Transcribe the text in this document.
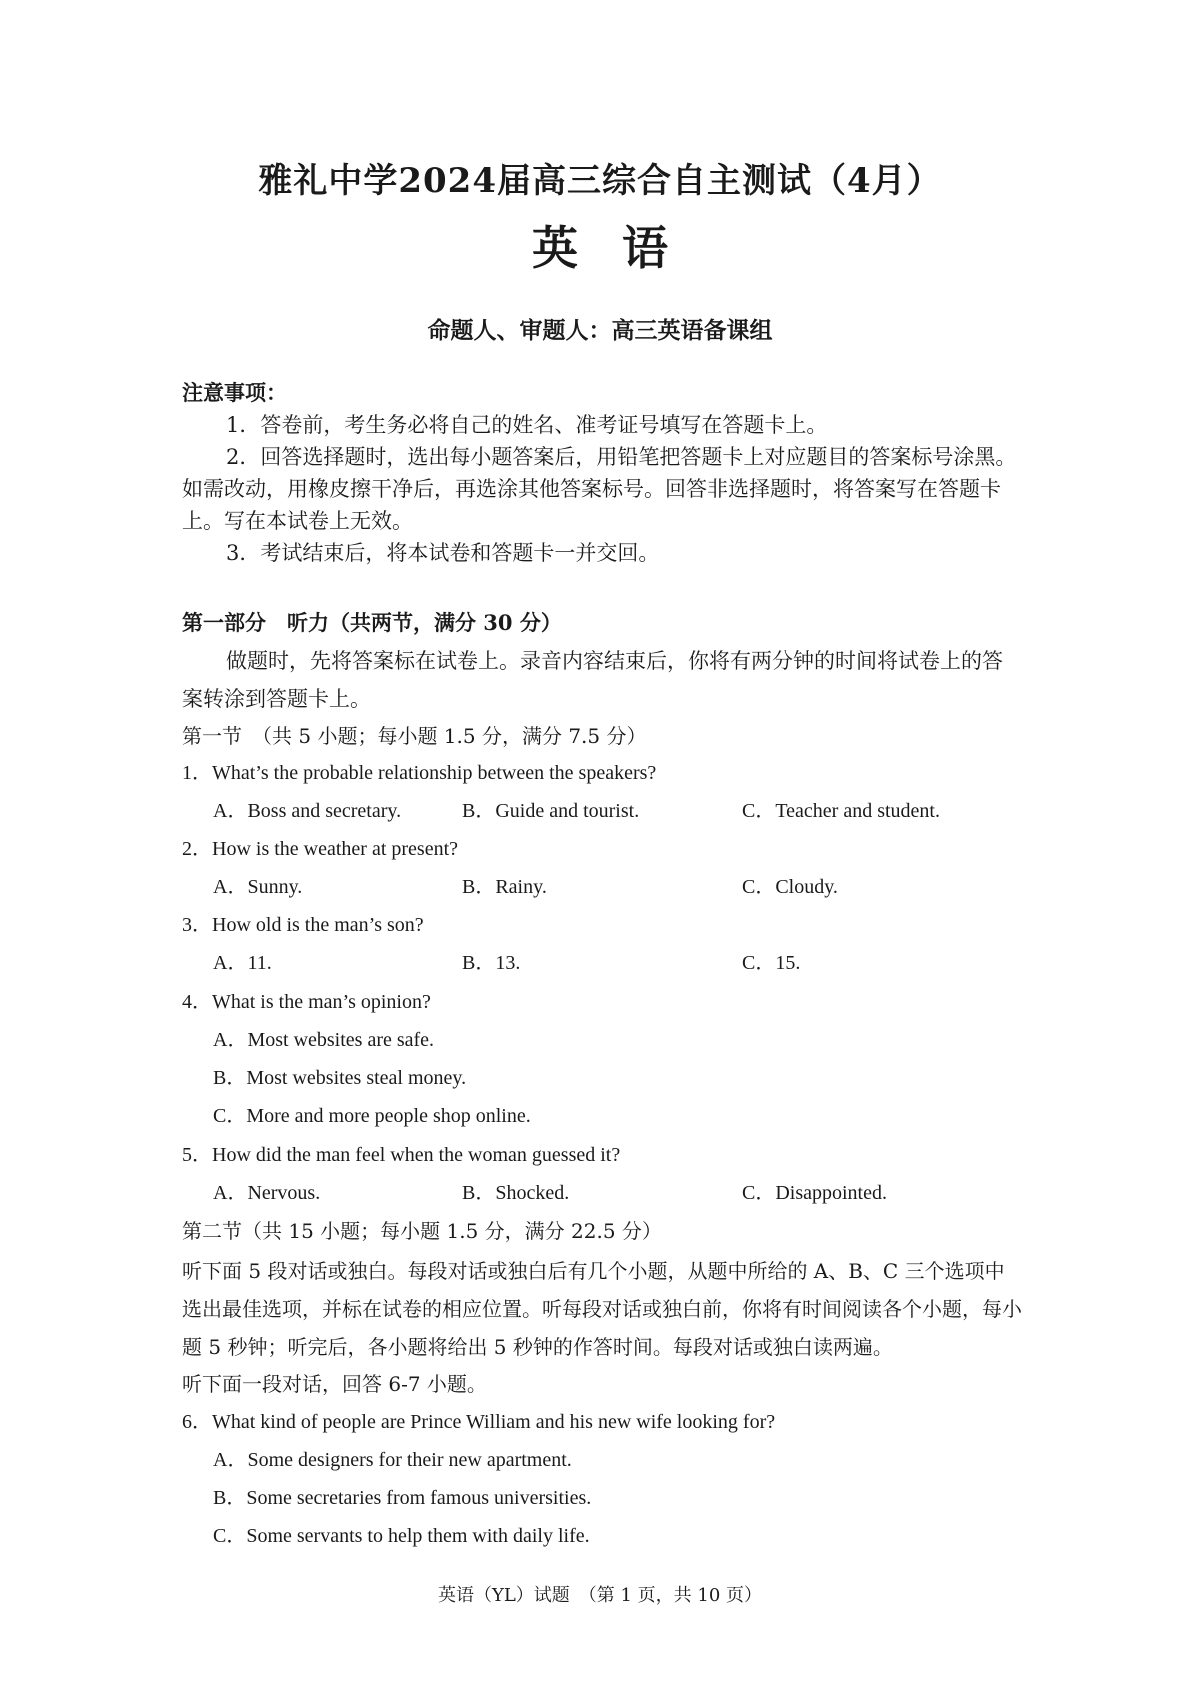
雅礼中学2024届高三综合自主测试（4月）
英语
命题人、审题人：高三英语备课组
注意事项：
1．答卷前，考生务必将自己的姓名、准考证号填写在答题卡上。
2．回答选择题时，选出每小题答案后，用铅笔把答题卡上对应题目的答案标号涂黑。如需改动，用橡皮擦干净后，再选涂其他答案标号。回答非选择题时，将答案写在答题卡上。写在本试卷上无效。
3．考试结束后，将本试卷和答题卡一并交回。
第一部分　听力（共两节，满分 30 分）
做题时，先将答案标在试卷上。录音内容结束后，你将有两分钟的时间将试卷上的答案转涂到答题卡上。
第一节　（共 5 小题；每小题 1.5 分，满分 7.5 分）
1．What’s the probable relationship between the speakers?
A．Boss and secretary.	B．Guide and tourist.	C．Teacher and student.
2．How is the weather at present?
A．Sunny.	B．Rainy.	C．Cloudy.
3．How old is the man’s son?
A．11.	B．13.	C．15.
4．What is the man’s opinion?
A．Most websites are safe.
B．Most websites steal money.
C．More and more people shop online.
5．How did the man feel when the woman guessed it?
A．Nervous.	B．Shocked.	C．Disappointed.
第二节（共 15 小题；每小题 1.5 分，满分 22.5 分）
听下面 5 段对话或独白。每段对话或独白后有几个小题，从题中所给的 A、B、C 三个选项中选出最佳选项，并标在试卷的相应位置。听每段对话或独白前，你将有时间阅读各个小题，每小题 5 秒钟；听完后，各小题将给出 5 秒钟的作答时间。每段对话或独白读两遍。
听下面一段对话，回答 6-7 小题。
6．What kind of people are Prince William and his new wife looking for?
A．Some designers for their new apartment.
B．Some secretaries from famous universities.
C．Some servants to help them with daily life.
英语（YL）试题　（第 1 页，共 10 页）
